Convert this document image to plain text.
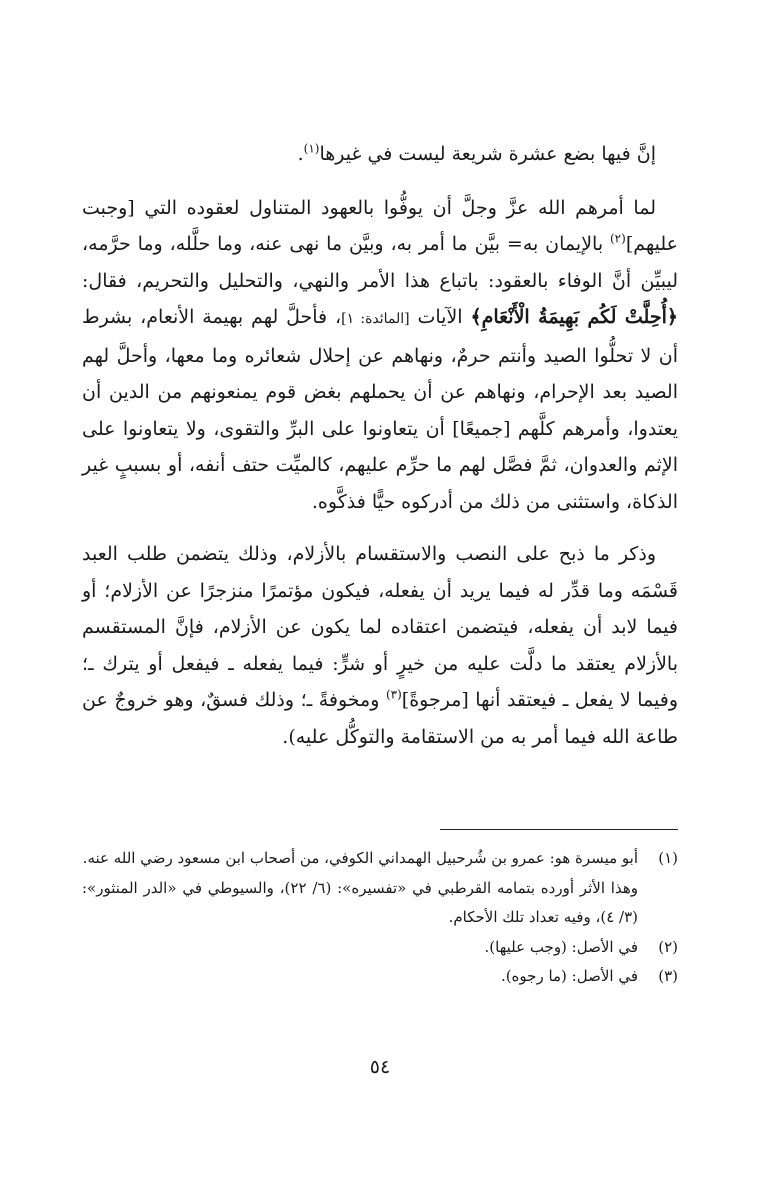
إنَّ فيها بضع عشرة شريعة ليست في غيرها$^{(١)}$.

لما أمرهم الله عزَّ وجلَّ أن يوفُّوا بالعهود المتناول لعقوده التي [وجبت عليهم]$^{(٢)}$ بالإيمان به= بيَّن ما أمر به، وبيَّن ما نهى عنه، وما حلَّله، وما حرَّمه، ليبيِّن أنَّ الوفاء بالعقود: باتباع هذا الأمر والنهي، والتحليل والتحريم، فقال: ﴿أُحِلَّتْ لَكُم بَهِيمَةُ الْأَنْعَامِ﴾ الآيات [المائدة: ١]، فأحلَّ لهم بهيمة الأنعام، بشرط أن لا تحلُّوا الصيد وأنتم حرمٌ، ونهاهم عن إحلال شعائره وما معها، وأحلَّ لهم الصيد بعد الإحرام، ونهاهم عن أن يحملهم بغض قوم يمنعونهم من الدين أن يعتدوا، وأمرهم كلَّهم [جميعًا] أن يتعاونوا على البرِّ والتقوى، ولا يتعاونوا على الإثم والعدوان، ثمَّ فصَّل لهم ما حرِّم عليهم، كالميِّت حتف أنفه، أو بسببٍ غير الذكاة، واستثنى من ذلك من أدركوه حيًّا فذكَّوه.

وذكر ما ذبح على النصب والاستقسام بالأزلام، وذلك يتضمن طلب العبد قَسْمَه وما قدِّر له فيما يريد أن يفعله، فيكون مؤتمرًا منزجرًا عن الأزلام؛ أو فيما لابد أن يفعله، فيتضمن اعتقاده لما يكون عن الأزلام، فإنَّ المستقسم بالأزلام يعتقد ما دلَّت عليه من خيرٍ أو شرٍّ: فيما يفعله ـ فيفعل أو يترك ـ؛ وفيما لا يفعل ـ فيعتقد أنها [مرجوةً]$^{(٣)}$ ومخوفةً ـ؛ وذلك فسقٌ، وهو خروجٌ عن طاعة الله فيما أمر به من الاستقامة والتوكُّل عليه).

(١)
أبو ميسرة هو: عمرو بن شُرحبيل الهمداني الكوفي، من أصحاب ابن مسعود رضي الله عنه.
وهذا الأثر أورده بتمامه القرطبي في «تفسيره»: (٦/ ٢٢)، والسيوطي في «الدر المنثور»: (٣/ ٤)، وفيه تعداد تلك الأحكام.
(٢)
في الأصل: (وجب عليها).
(٣)
في الأصل: (ما رجوه).
٥٤
